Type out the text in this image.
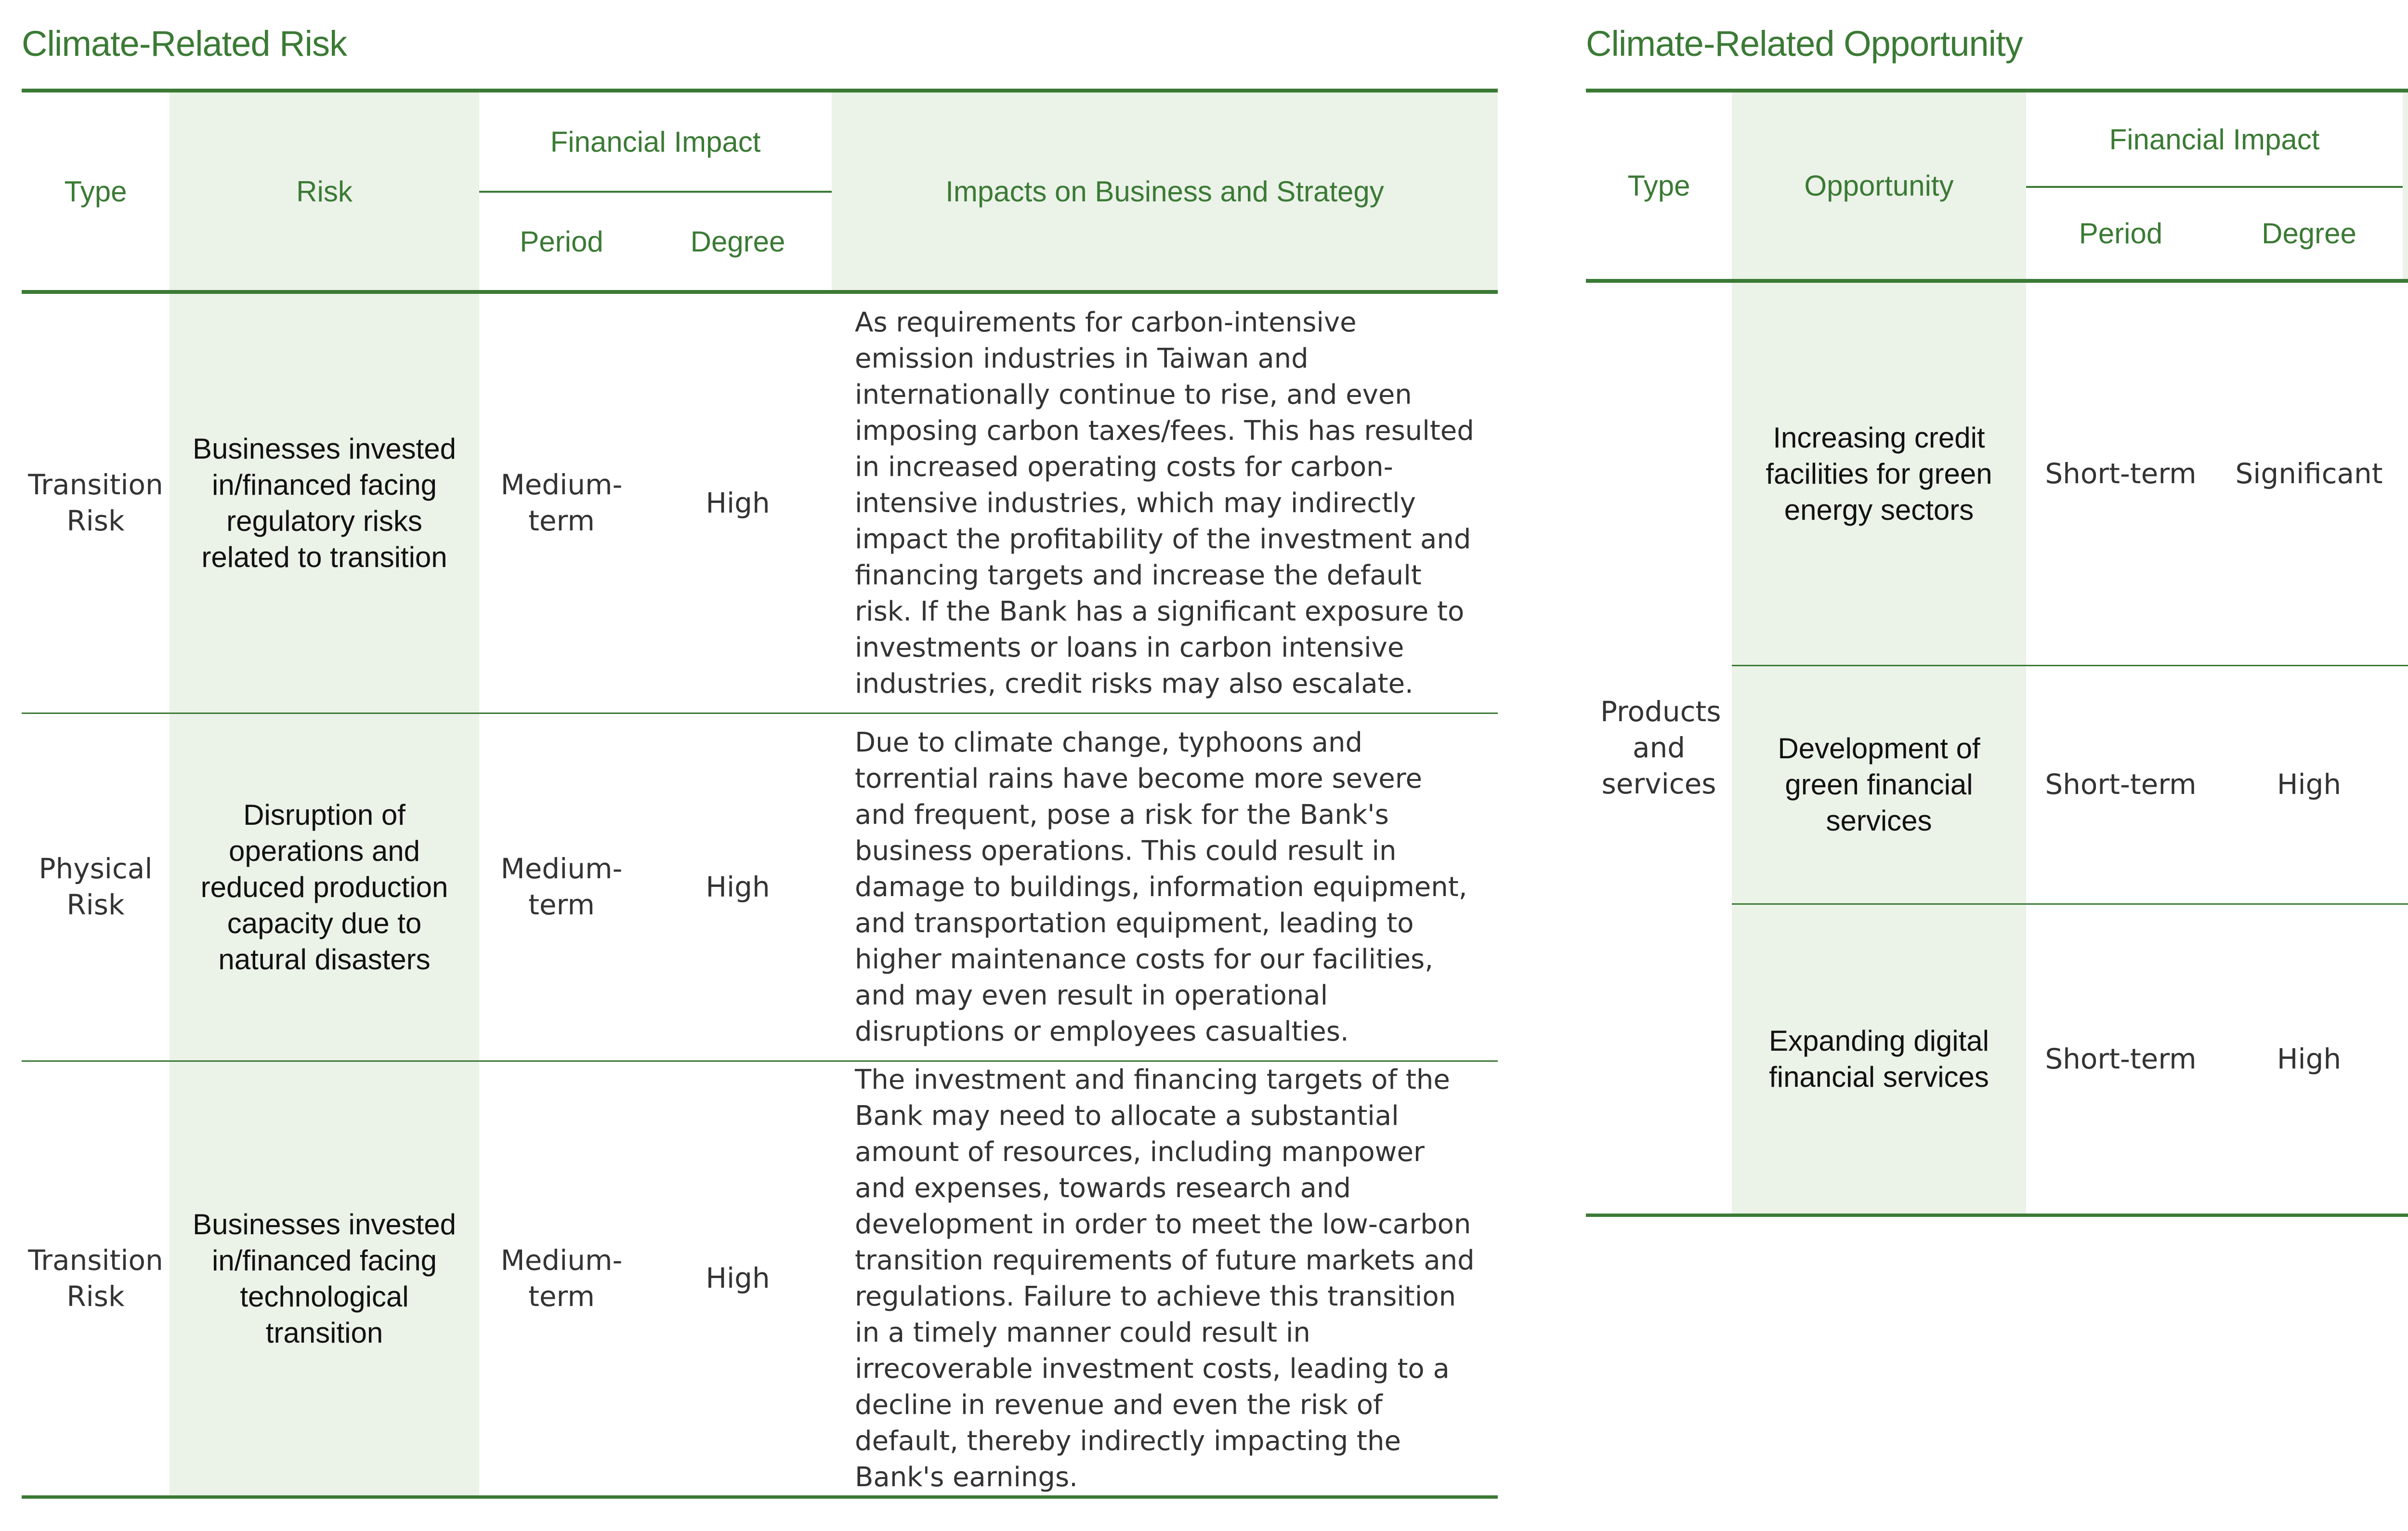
Climate-Related Risk
Type	Risk	Financial Impact		Impacts on Business and Strategy
		Period	Degree	
Transition Risk	Businesses invested in/financed facing regulatory risks related to transition	Medium-term	High	As requirements for carbon-intensive emission industries in Taiwan and internationally continue to rise, and even imposing carbon taxes/fees. This has resulted in increased operating costs for carbon-intensive industries, which may indirectly impact the profitability of the investment and financing targets and increase the default risk. If the Bank has a significant exposure to investments or loans in carbon intensive industries, credit risks may also escalate.
Physical Risk	Disruption of operations and reduced production capacity due to natural disasters	Medium-term	High	Due to climate change, typhoons and torrential rains have become more severe and frequent, pose a risk for the Bank's business operations. This could result in damage to buildings, information equipment, and transportation equipment, leading to higher maintenance costs for our facilities, and may even result in operational disruptions or employees casualties.
Transition Risk	Businesses invested in/financed facing technological transition	Medium-term	High	The investment and financing targets of the Bank may need to allocate a substantial amount of resources, including manpower and expenses, towards research and development in order to meet the low-carbon transition requirements of future markets and regulations. Failure to achieve this transition in a timely manner could result in irrecoverable investment costs, leading to a decline in revenue and even the risk of default, thereby indirectly impacting the Bank's earnings.
Climate-Related Opportunity
Type	Opportunity	Financial Impact	
		Period	Degree	
Products and services	Increasing credit facilities for green energy sectors	Short-term	Significant	
	Development of green financial services	Short-term	High	
	Expanding digital financial services	Short-term	High	
